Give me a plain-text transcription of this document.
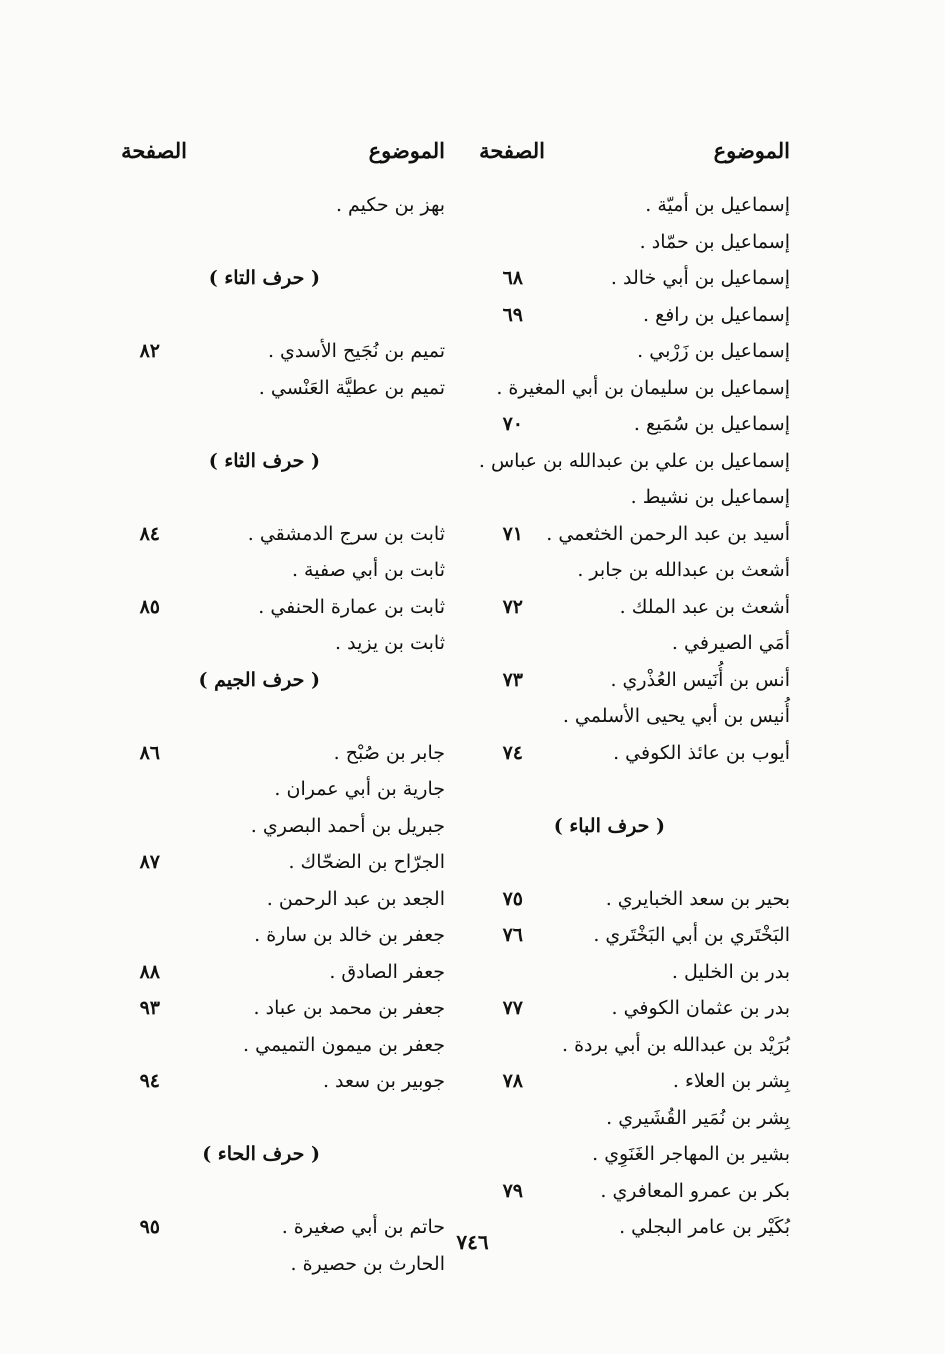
الموضوع
الصفحة
الموضوع
الصفحة
إسماعيل بن أميّة .
إسماعيل بن حمّاد .
إسماعيل بن أبي خالد .
٦٨
إسماعيل بن رافع .
٦٩
إسماعيل بن زَرْبي .
إسماعيل بن سليمان بن أبي المغيرة .
إسماعيل بن سُمَيع .
٧٠
إسماعيل بن علي بن عبدالله بن عباس .
إسماعيل بن نشيط .
أسيد بن عبد الرحمن الخثعمي .
٧١
أشعث بن عبدالله بن جابر .
أشعث بن عبد الملك .
٧٢
أمَي الصيرفي .
أنس بن أُنَيس العُذْري .
٧٣
أُنيس بن أبي يحيى الأسلمي .
أيوب بن عائذ الكوفي .
٧٤
( حرف الباء )
بحير بن سعد الخبايري .
٧٥
البَخْتَري بن أبي البَخْتَري .
٧٦
بدر بن الخليل .
بدر بن عثمان الكوفي .
٧٧
بُرَيْد بن عبدالله بن أبي بردة .
بِشر بن العلاء .
٧٨
بِشر بن نُمَير القُشَيري .
بشير بن المهاجر الغَنَوِي .
بكر بن عمرو المعافري .
٧٩
بُكَيْر بن عامر البجلي .
بهز بن حكيم .
( حرف التاء )
تميم بن نُجَيح الأسدي .
٨٢
تميم بن عطيَّة العَنْسي .
( حرف الثاء )
ثابت بن سرج الدمشقي .
٨٤
ثابت بن أبي صفية .
ثابت بن عمارة الحنفي .
٨٥
ثابت بن يزيد .
( حرف الجيم )
جابر بن صُبْح .
٨٦
جارية بن أبي عمران .
جبريل بن أحمد البصري .
الجرّاح بن الضحّاك .
٨٧
الجعد بن عبد الرحمن .
جعفر بن خالد بن سارة .
جعفر الصادق .
٨٨
جعفر بن محمد بن عباد .
٩٣
جعفر بن ميمون التميمي .
جوبير بن سعد .
٩٤
( حرف الحاء )
حاتم بن أبي صغيرة .
٩٥
الحارث بن حصيرة .
٧٤٦
